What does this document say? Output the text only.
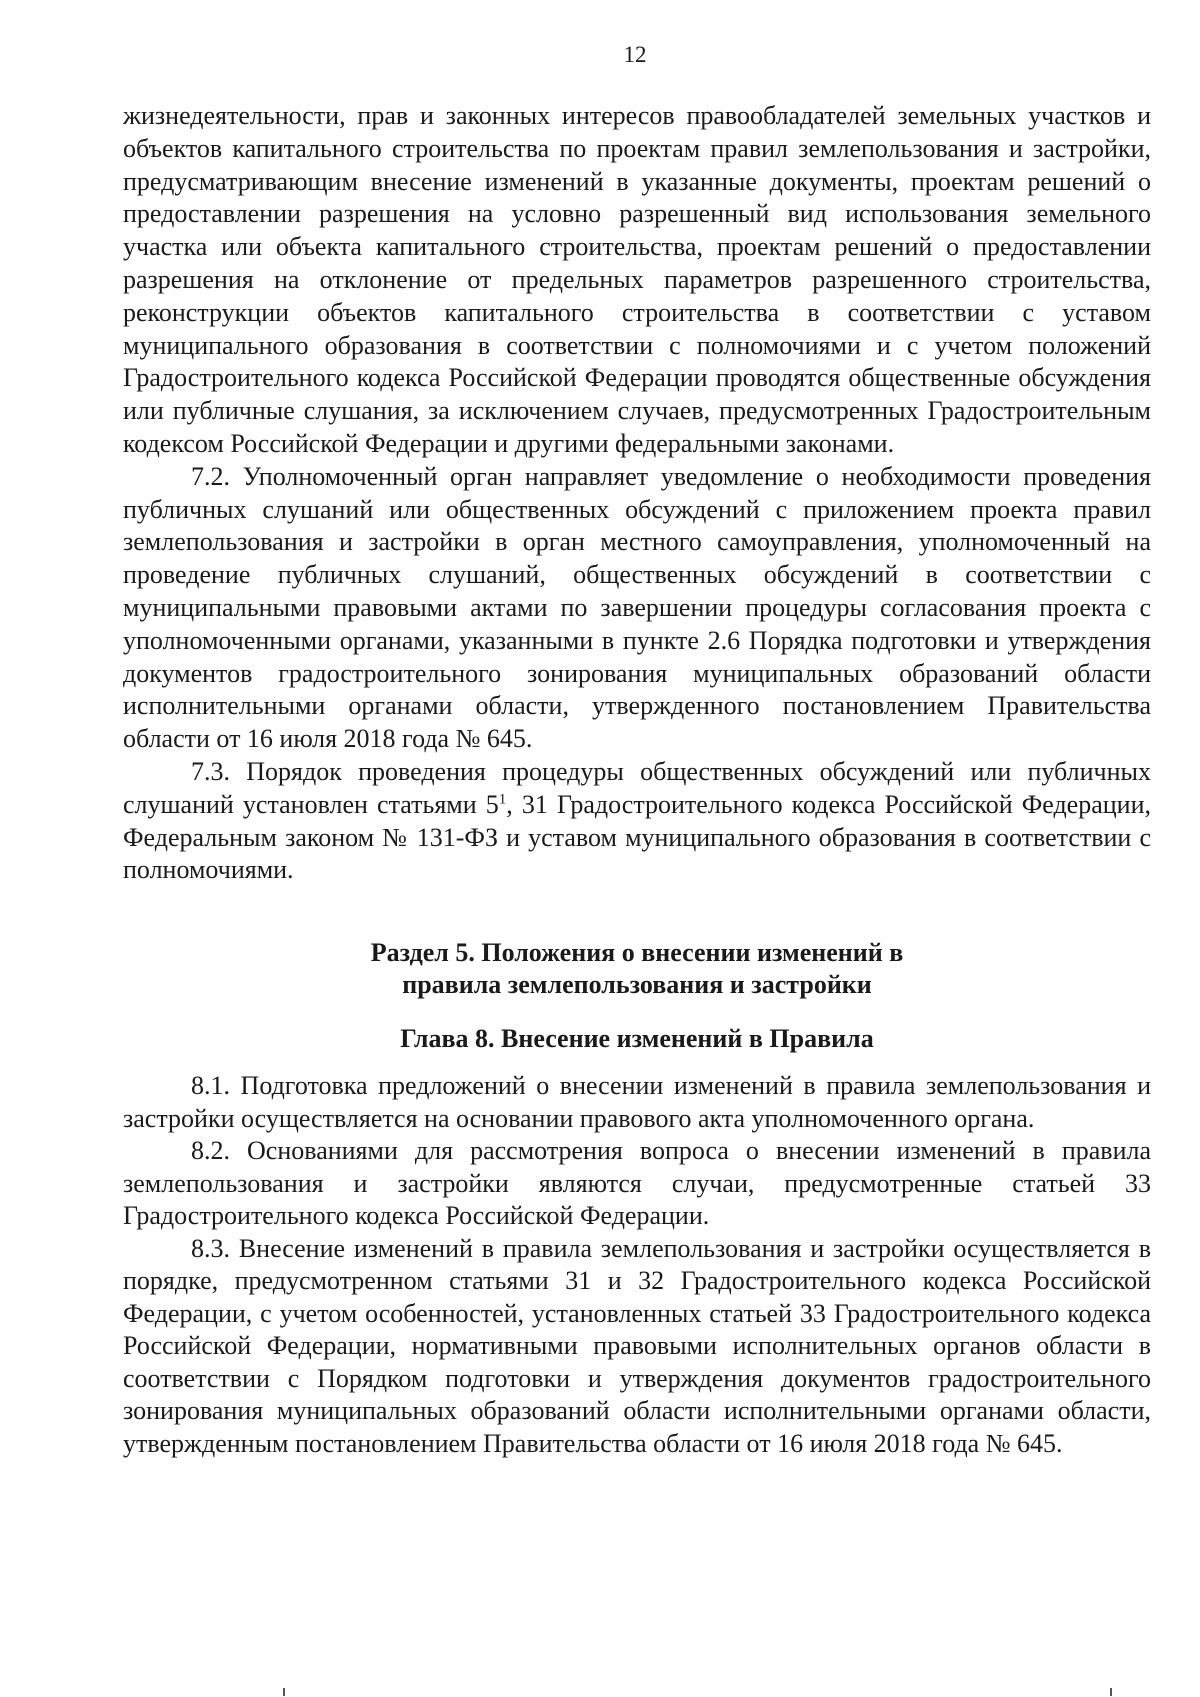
12

жизнедеятельности, прав и законных интересов правообладателей земельных участков и объектов капитального строительства по проектам правил землепользования и застройки, предусматривающим внесение изменений в указанные документы, проектам решений о предоставлении разрешения на условно разрешенный вид использования земельного участка или объекта капитального строительства, проектам решений о предоставлении разрешения на отклонение от предельных параметров разрешенного строительства, реконструкции объектов капитального строительства в соответствии с уставом муниципального образования в соответствии с полномочиями и с учетом положений Градостроительного кодекса Российской Федерации проводятся общественные обсуждения или публичные слушания, за исключением случаев, предусмотренных Градостроительным кодексом Российской Федерации и другими федеральными законами.

7.2. Уполномоченный орган направляет уведомление о необходимости проведения публичных слушаний или общественных обсуждений с приложением проекта правил землепользования и застройки в орган местного самоуправления, уполномоченный на проведение публичных слушаний, общественных обсуждений в соответствии с муниципальными правовыми актами по завершении процедуры согласования проекта с уполномоченными органами, указанными в пункте 2.6 Порядка подготовки и утверждения документов градостроительного зонирования муниципальных образований области исполнительными органами области, утвержденного постановлением Правительства области от 16 июля 2018 года № 645.

7.3. Порядок проведения процедуры общественных обсуждений или публичных слушаний установлен статьями $5^1$, 31 Градостроительного кодекса Российской Федерации, Федеральным законом № 131-ФЗ и уставом муниципального образования в соответствии с полномочиями.

Раздел 5. Положения о внесении изменений в
правила землепользования и застройки
Глава 8. Внесение изменений в Правила

8.1. Подготовка предложений о внесении изменений в правила землепользования и застройки осуществляется на основании правового акта уполномоченного органа.

8.2. Основаниями для рассмотрения вопроса о внесении изменений в правила землепользования и застройки являются случаи, предусмотренные статьей 33 Градостроительного кодекса Российской Федерации.

8.3. Внесение изменений в правила землепользования и застройки осуществляется в порядке, предусмотренном статьями 31 и 32 Градостроительного кодекса Российской Федерации, с учетом особенностей, установленных статьей 33 Градостроительного кодекса Российской Федерации, нормативными правовыми исполнительных органов области в соответствии с Порядком подготовки и утверждения документов градостроительного зонирования муниципальных образований области исполнительными органами области, утвержденным постановлением Правительства области от 16 июля 2018 года № 645.
